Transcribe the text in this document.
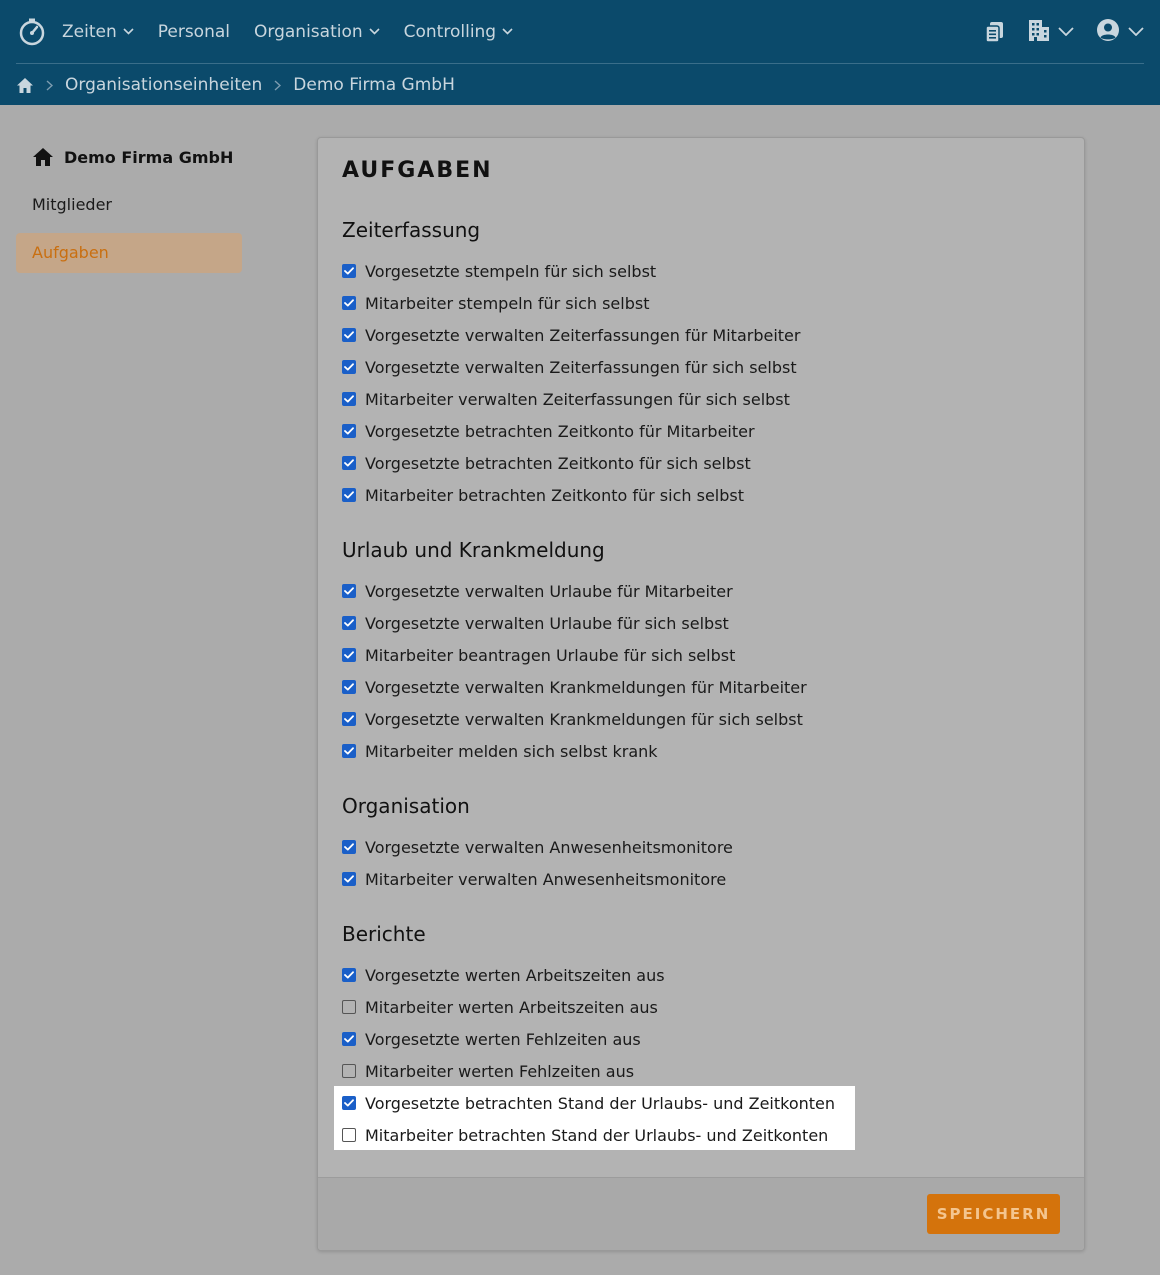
Zeiten Personal Organisation Controlling
Organisationseinheiten Demo Firma GmbH
Demo Firma GmbH
Mitglieder
Aufgaben
AUFGABEN
Zeiterfassung
Vorgesetzte stempeln für sich selbst
Mitarbeiter stempeln für sich selbst
Vorgesetzte verwalten Zeiterfassungen für Mitarbeiter
Vorgesetzte verwalten Zeiterfassungen für sich selbst
Mitarbeiter verwalten Zeiterfassungen für sich selbst
Vorgesetzte betrachten Zeitkonto für Mitarbeiter
Vorgesetzte betrachten Zeitkonto für sich selbst
Mitarbeiter betrachten Zeitkonto für sich selbst
Urlaub und Krankmeldung
Vorgesetzte verwalten Urlaube für Mitarbeiter
Vorgesetzte verwalten Urlaube für sich selbst
Mitarbeiter beantragen Urlaube für sich selbst
Vorgesetzte verwalten Krankmeldungen für Mitarbeiter
Vorgesetzte verwalten Krankmeldungen für sich selbst
Mitarbeiter melden sich selbst krank
Organisation
Vorgesetzte verwalten Anwesenheitsmonitore
Mitarbeiter verwalten Anwesenheitsmonitore
Berichte
Vorgesetzte werten Arbeitszeiten aus
Mitarbeiter werten Arbeitszeiten aus
Vorgesetzte werten Fehlzeiten aus
Mitarbeiter werten Fehlzeiten aus
Vorgesetzte betrachten Stand der Urlaubs- und Zeitkonten
Mitarbeiter betrachten Stand der Urlaubs- und Zeitkonten
SPEICHERN
